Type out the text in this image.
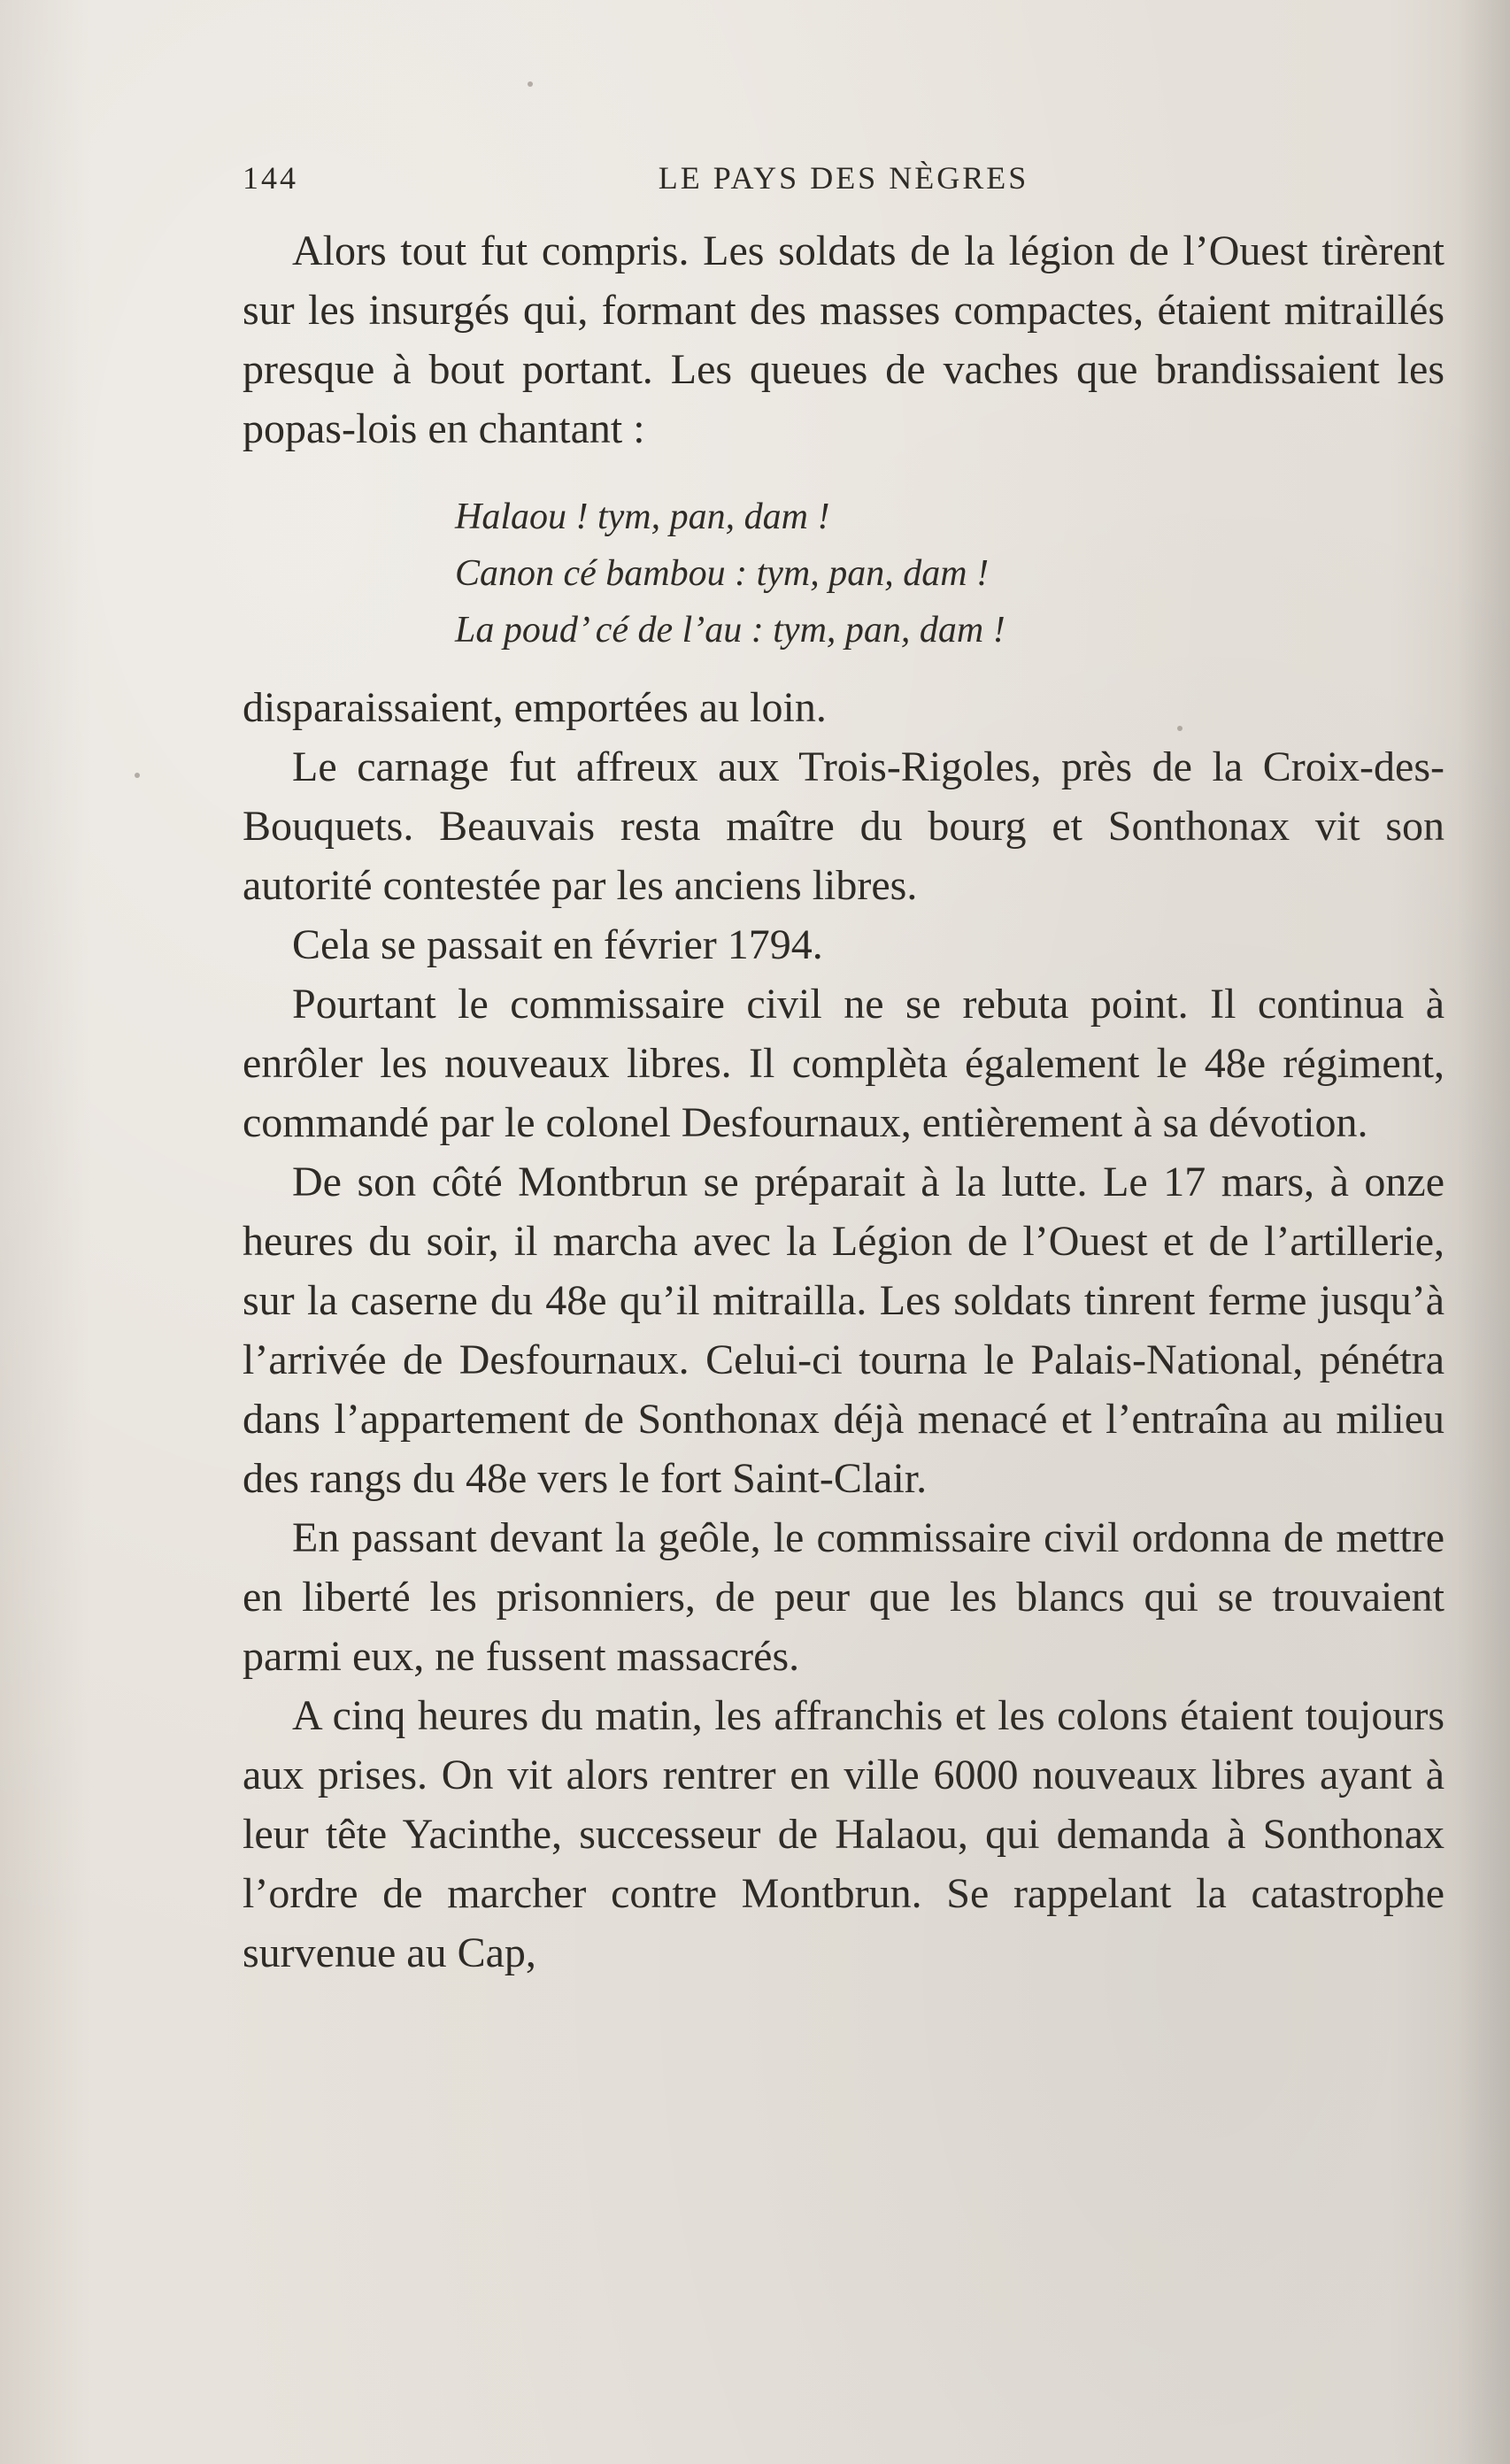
144	LE PAYS DES NÈGRES

Alors tout fut compris. Les soldats de la légion de l’Ouest tirèrent sur les insurgés qui, formant des masses compactes, étaient mitraillés presque à bout portant. Les queues de vaches que brandissaient les popas-lois en chantant :

Halaou ! tym, pan, dam !
Canon cé bambou : tym, pan, dam !
La poud’ cé de l’au : tym, pan, dam !

disparaissaient, emportées au loin.

Le carnage fut affreux aux Trois-Rigoles, près de la Croix-des-Bouquets. Beauvais resta maître du bourg et Sonthonax vit son autorité contestée par les anciens libres.

Cela se passait en février 1794.

Pourtant le commissaire civil ne se rebuta point. Il continua à enrôler les nouveaux libres. Il complèta également le 48e régiment, commandé par le colonel Desfournaux, entièrement à sa dévotion.

De son côté Montbrun se préparait à la lutte. Le 17 mars, à onze heures du soir, il marcha avec la Légion de l’Ouest et de l’artillerie, sur la caserne du 48e qu’il mitrailla. Les soldats tinrent ferme jusqu’à l’arrivée de Desfournaux. Celui-ci tourna le Palais-National, pénétra dans l’appartement de Sonthonax déjà menacé et l’entraîna au milieu des rangs du 48e vers le fort Saint-Clair.

En passant devant la geôle, le commissaire civil ordonna de mettre en liberté les prisonniers, de peur que les blancs qui se trouvaient parmi eux, ne fussent massacrés.

A cinq heures du matin, les affranchis et les colons étaient toujours aux prises. On vit alors rentrer en ville 6000 nouveaux libres ayant à leur tête Yacinthe, successeur de Halaou, qui demanda à Sonthonax l’ordre de marcher contre Montbrun. Se rappelant la catastrophe survenue au Cap,
